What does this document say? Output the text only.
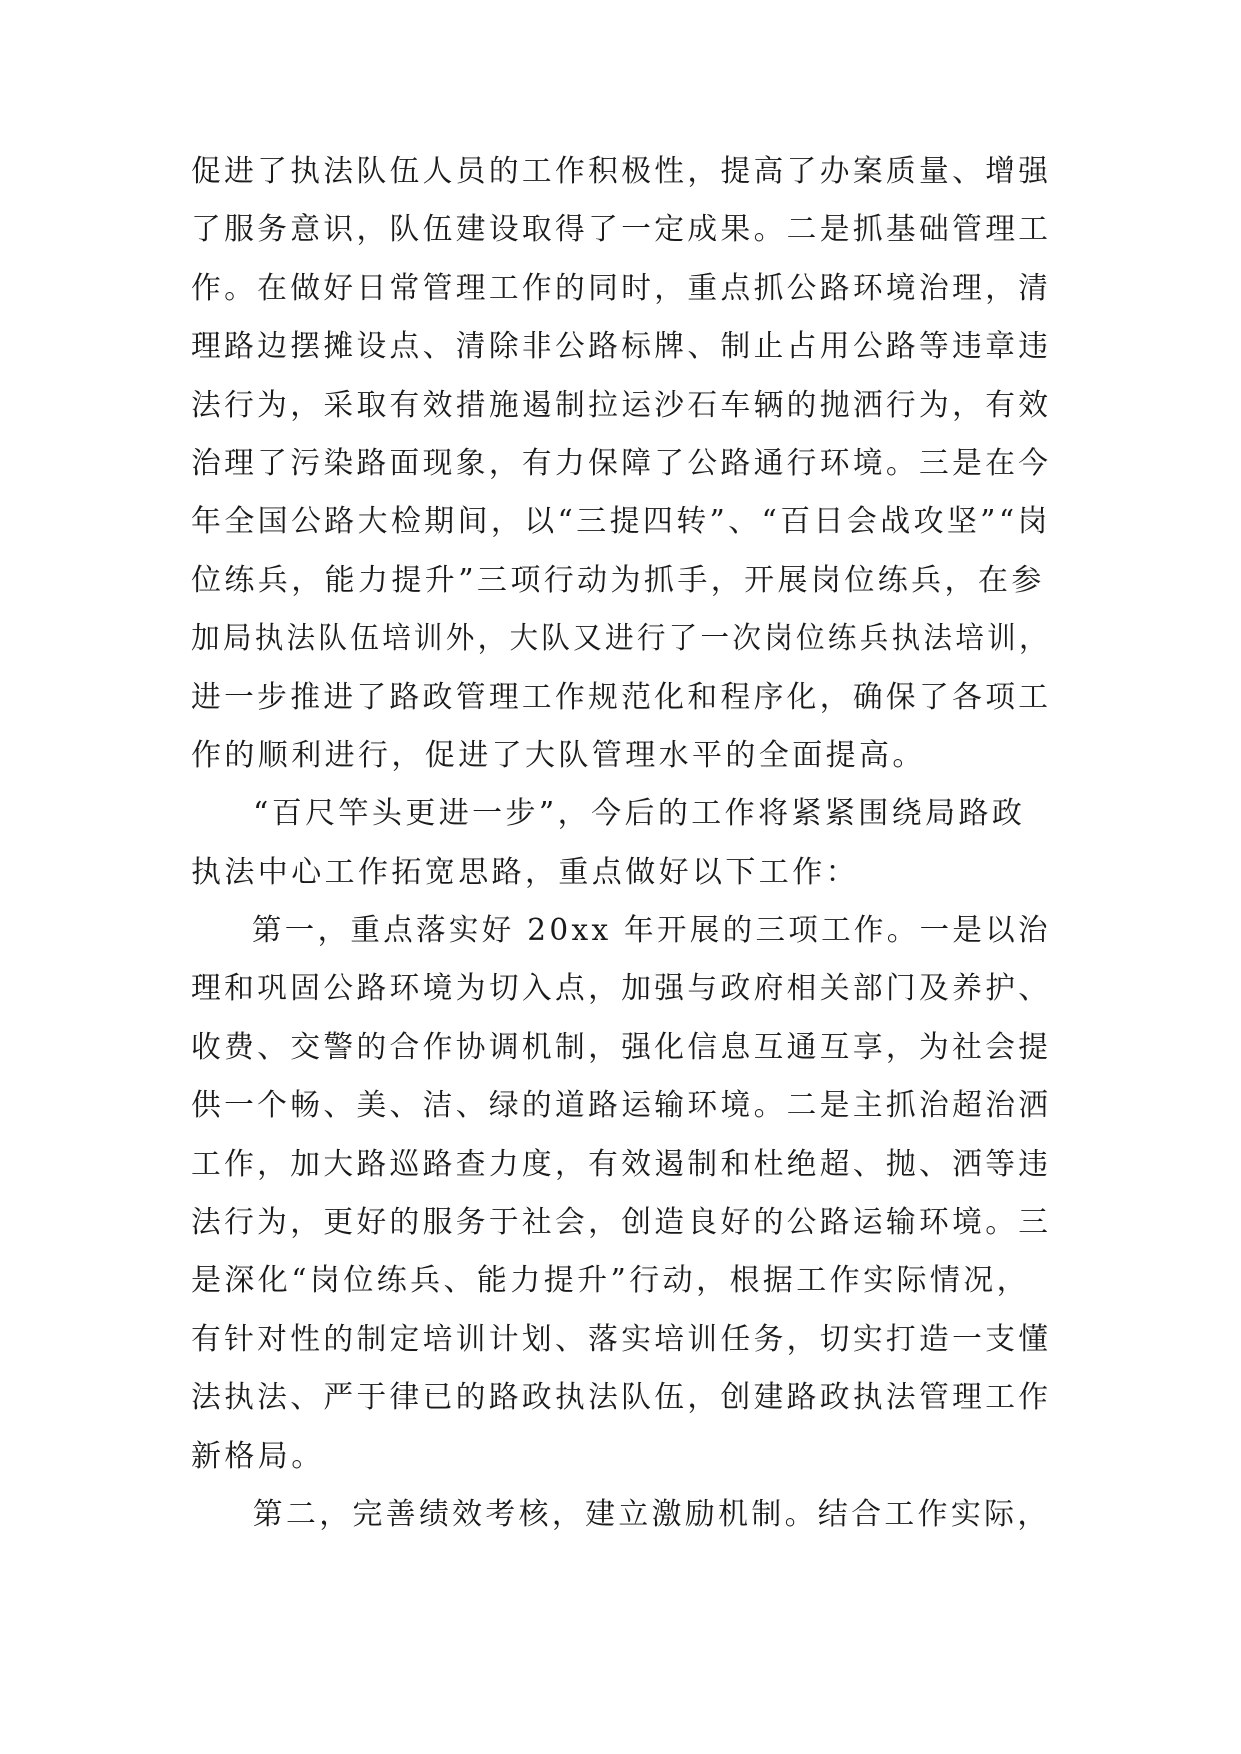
促进了执法队伍人员的工作积极性，提高了办案质量、增强
了服务意识，队伍建设取得了一定成果。二是抓基础管理工
作。在做好日常管理工作的同时，重点抓公路环境治理，清
理路边摆摊设点、清除非公路标牌、制止占用公路等违章违
法行为，采取有效措施遏制拉运沙石车辆的抛洒行为，有效
治理了污染路面现象，有力保障了公路通行环境。三是在今
年全国公路大检期间，以“三提四转”、“百日会战攻坚”“岗
位练兵，能力提升”三项行动为抓手，开展岗位练兵，在参
加局执法队伍培训外，大队又进行了一次岗位练兵执法培训，
进一步推进了路政管理工作规范化和程序化，确保了各项工
作的顺利进行，促进了大队管理水平的全面提高。
“百尺竿头更进一步”，今后的工作将紧紧围绕局路政
执法中心工作拓宽思路，重点做好以下工作：
第一，重点落实好 20xx 年开展的三项工作。一是以治
理和巩固公路环境为切入点，加强与政府相关部门及养护、
收费、交警的合作协调机制，强化信息互通互享，为社会提
供一个畅、美、洁、绿的道路运输环境。二是主抓治超治洒
工作，加大路巡路查力度，有效遏制和杜绝超、抛、洒等违
法行为，更好的服务于社会，创造良好的公路运输环境。三
是深化“岗位练兵、能力提升”行动，根据工作实际情况，
有针对性的制定培训计划、落实培训任务，切实打造一支懂
法执法、严于律已的路政执法队伍，创建路政执法管理工作
新格局。
第二，完善绩效考核，建立激励机制。结合工作实际，
